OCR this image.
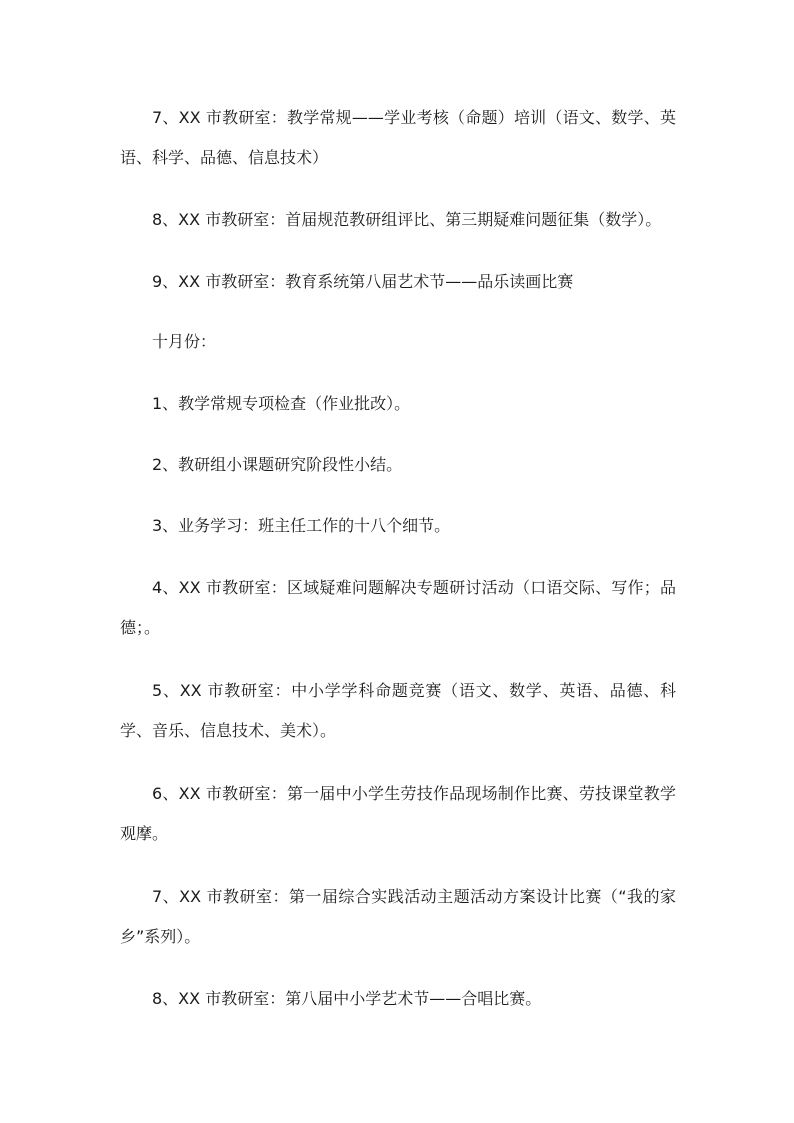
7、XX 市教研室：教学常规——学业考核（命题）培训（语文、数学、英语、科学、品德、信息技术）

8、XX 市教研室：首届规范教研组评比、第三期疑难问题征集（数学）。

9、XX 市教研室：教育系统第八届艺术节——品乐读画比赛

十月份：

1、教学常规专项检查（作业批改）。

2、教研组小课题研究阶段性小结。

3、业务学习：班主任工作的十八个细节。

4、XX 市教研室：区域疑难问题解决专题研讨活动（口语交际、写作；品德；。

5、XX 市教研室：中小学学科命题竞赛（语文、数学、英语、品德、科学、音乐、信息技术、美术）。

6、XX 市教研室：第一届中小学生劳技作品现场制作比赛、劳技课堂教学观摩。

7、XX 市教研室：第一届综合实践活动主题活动方案设计比赛（“我的家乡”系列）。

8、XX 市教研室：第八届中小学艺术节——合唱比赛。
